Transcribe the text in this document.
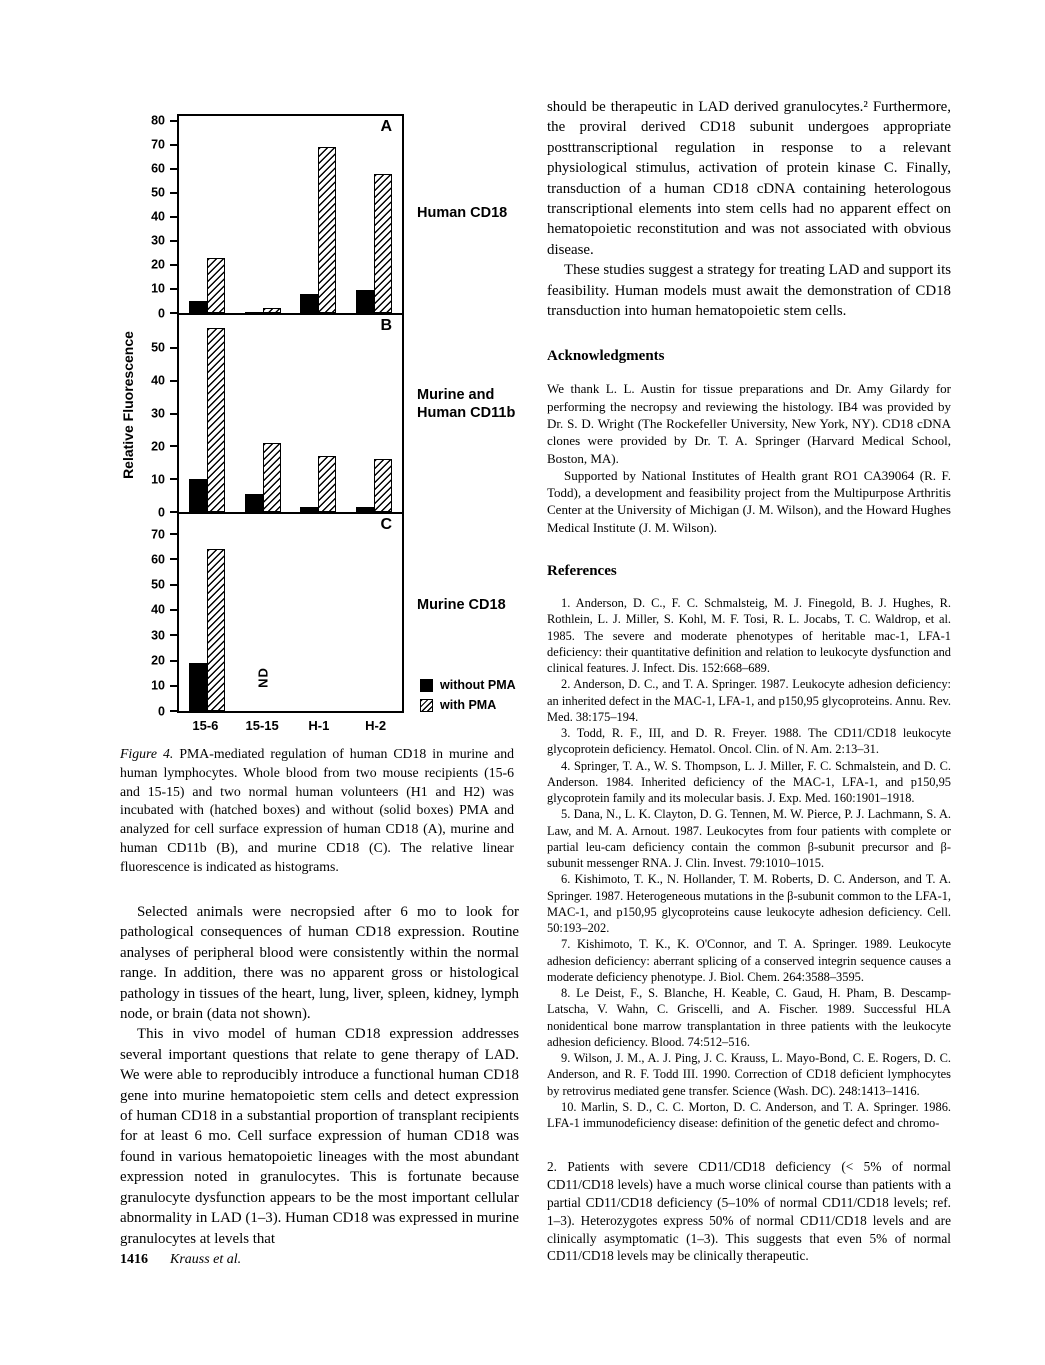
Relative Fluorescence
A
0
10
20
30
40
50
60
70
80
B
0
10
20
30
40
50
C
0
10
20
30
40
50
60
70
ND
15-6	15-15	H-1	H-2
Human CD18
Murine and Human CD11b
Murine CD18
without PMA
with PMA
Figure 4. PMA-mediated regulation of human CD18 in murine and human lymphocytes. Whole blood from two mouse recipients (15-6 and 15-15) and two normal human volunteers (H1 and H2) was incubated with (hatched boxes) and without (solid boxes) PMA and analyzed for cell surface expression of human CD18 (A), murine and human CD11b (B), and murine CD18 (C). The relative linear fluorescence is indicated as histograms.

Selected animals were necropsied after 6 mo to look for pathological consequences of human CD18 expression. Routine analyses of peripheral blood were consistently within the normal range. In addition, there was no apparent gross or histological pathology in tissues of the heart, lung, liver, spleen, kidney, lymph node, or brain (data not shown).

This in vivo model of human CD18 expression addresses several important questions that relate to gene therapy of LAD. We were able to reproducibly introduce a functional human CD18 gene into murine hematopoietic stem cells and detect expression of human CD18 in a substantial proportion of transplant recipients for at least 6 mo. Cell surface expression of human CD18 was found in various hematopoietic lineages with the most abundant expression noted in granulocytes. This is fortunate because granulocyte dysfunction appears to be the most important cellular abnormality in LAD (1–3). Human CD18 was expressed in murine granulocytes at levels that

1416 Krauss et al.

should be therapeutic in LAD derived granulocytes.² Furthermore, the proviral derived CD18 subunit undergoes appropriate posttranscriptional regulation in response to a relevant physiological stimulus, activation of protein kinase C. Finally, transduction of a human CD18 cDNA containing heterologous transcriptional elements into stem cells had no apparent effect on hematopoietic reconstitution and was not associated with obvious disease.

These studies suggest a strategy for treating LAD and support its feasibility. Human models must await the demonstration of CD18 transduction into human hematopoietic stem cells.

Acknowledgments

We thank L. L. Austin for tissue preparations and Dr. Amy Gilardy for performing the necropsy and reviewing the histology. IB4 was provided by Dr. S. D. Wright (The Rockefeller University, New York, NY). CD18 cDNA clones were provided by Dr. T. A. Springer (Harvard Medical School, Boston, MA).

Supported by National Institutes of Health grant RO1 CA39064 (R. F. Todd), a development and feasibility project from the Multipurpose Arthritis Center at the University of Michigan (J. M. Wilson), and the Howard Hughes Medical Institute (J. M. Wilson).

References

1. Anderson, D. C., F. C. Schmalsteig, M. J. Finegold, B. J. Hughes, R. Rothlein, L. J. Miller, S. Kohl, M. F. Tosi, R. L. Jocabs, T. C. Waldrop, et al. 1985. The severe and moderate phenotypes of heritable mac-1, LFA-1 deficiency: their quantitative definition and relation to leukocyte dysfunction and clinical features. J. Infect. Dis. 152:668–689.

2. Anderson, D. C., and T. A. Springer. 1987. Leukocyte adhesion deficiency: an inherited defect in the MAC-1, LFA-1, and p150,95 glycoproteins. Annu. Rev. Med. 38:175–194.

3. Todd, R. F., III, and D. R. Freyer. 1988. The CD11/CD18 leukocyte glycoprotein deficiency. Hematol. Oncol. Clin. of N. Am. 2:13–31.

4. Springer, T. A., W. S. Thompson, L. J. Miller, F. C. Schmalstein, and D. C. Anderson. 1984. Inherited deficiency of the MAC-1, LFA-1, and p150,95 glycoprotein family and its molecular basis. J. Exp. Med. 160:1901–1918.

5. Dana, N., L. K. Clayton, D. G. Tennen, M. W. Pierce, P. J. Lachmann, S. A. Law, and M. A. Arnout. 1987. Leukocytes from four patients with complete or partial leu-cam deficiency contain the common β-subunit precursor and β-subunit messenger RNA. J. Clin. Invest. 79:1010–1015.

6. Kishimoto, T. K., N. Hollander, T. M. Roberts, D. C. Anderson, and T. A. Springer. 1987. Heterogeneous mutations in the β-subunit common to the LFA-1, MAC-1, and p150,95 glycoproteins cause leukocyte adhesion deficiency. Cell. 50:193–202.

7. Kishimoto, T. K., K. O'Connor, and T. A. Springer. 1989. Leukocyte adhesion deficiency: aberrant splicing of a conserved integrin sequence causes a moderate deficiency phenotype. J. Biol. Chem. 264:3588–3595.

8. Le Deist, F., S. Blanche, H. Keable, C. Gaud, H. Pham, B. Descamp-Latscha, V. Wahn, C. Griscelli, and A. Fischer. 1989. Successful HLA nonidentical bone marrow transplantation in three patients with the leukocyte adhesion deficiency. Blood. 74:512–516.

9. Wilson, J. M., A. J. Ping, J. C. Krauss, L. Mayo-Bond, C. E. Rogers, D. C. Anderson, and R. F. Todd III. 1990. Correction of CD18 deficient lymphocytes by retrovirus mediated gene transfer. Science (Wash. DC). 248:1413–1416.

10. Marlin, S. D., C. C. Morton, D. C. Anderson, and T. A. Springer. 1986. LFA-1 immunodeficiency disease: definition of the genetic defect and chromo-

2. Patients with severe CD11/CD18 deficiency (< 5% of normal CD11/CD18 levels) have a much worse clinical course than patients with a partial CD11/CD18 deficiency (5–10% of normal CD11/CD18 levels; ref. 1–3). Heterozygotes express 50% of normal CD11/CD18 levels and are clinically asymptomatic (1–3). This suggests that even 5% of normal CD11/CD18 levels may be clinically therapeutic.
